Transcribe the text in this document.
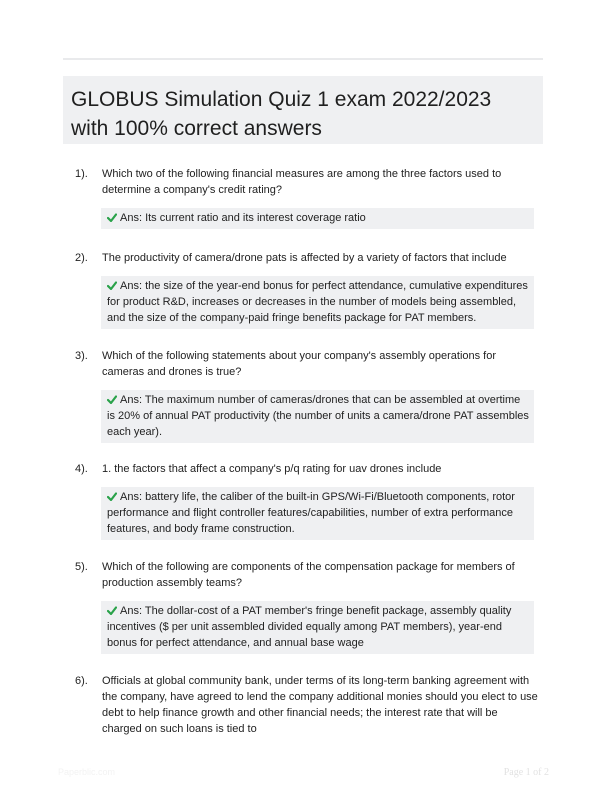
GLOBUS Simulation Quiz 1 exam 2022/2023
with 100% correct answers
1). Which two of the following financial measures are among the three factors used to determine a company's credit rating?
Ans: Its current ratio and its interest coverage ratio
2). The productivity of camera/drone pats is affected by a variety of factors that include
Ans: the size of the year-end bonus for perfect attendance, cumulative expenditures for product R&D, increases or decreases in the number of models being assembled, and the size of the company-paid fringe benefits package for PAT members.
3). Which of the following statements about your company's assembly operations for cameras and drones is true?
Ans: The maximum number of cameras/drones that can be assembled at overtime is 20% of annual PAT productivity (the number of units a camera/drone PAT assembles each year).
4). 1. the factors that affect a company's p/q rating for uav drones include
Ans: battery life, the caliber of the built-in GPS/Wi-Fi/Bluetooth components, rotor performance and flight controller features/capabilities, number of extra performance features, and body frame construction.
5). Which of the following are components of the compensation package for members of production assembly teams?
Ans: The dollar-cost of a PAT member's fringe benefit package, assembly quality incentives ($ per unit assembled divided equally among PAT members), year-end bonus for perfect attendance, and annual base wage
6). Officials at global community bank, under terms of its long-term banking agreement with the company, have agreed to lend the company additional monies should you elect to use debt to help finance growth and other financial needs; the interest rate that will be charged on such loans is tied to
Paperblic.com	Page 1 of 2
